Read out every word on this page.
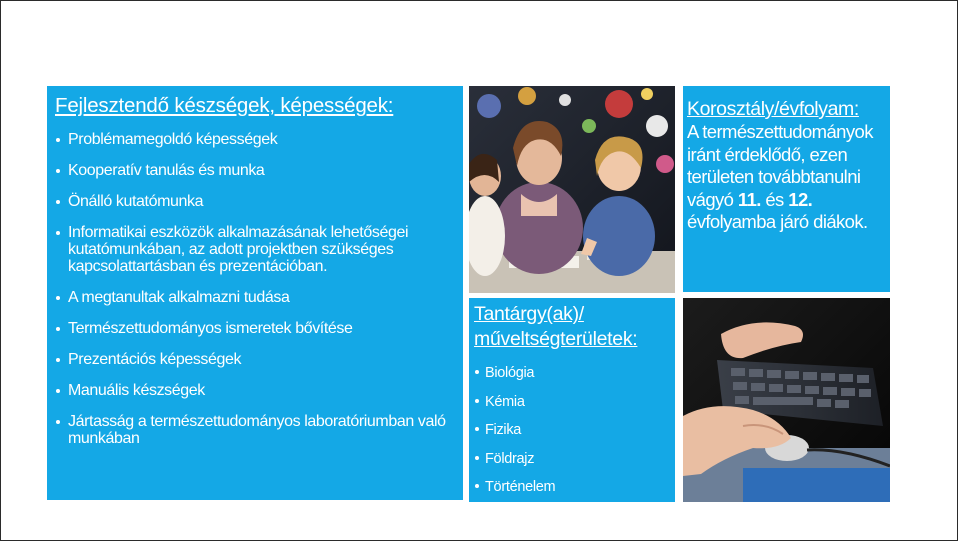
Fejlesztendő készségek, képességek:
Problémamegoldó képességek
Kooperatív tanulás és munka
Önálló kutatómunka
Informatikai eszközök alkalmazásának lehetőségei kutatómunkában, az adott projektben szükséges kapcsolattartásban és prezentációban.
A megtanultak alkalmazni tudása
Természettudományos ismeretek bővítése
Prezentációs képességek
Manuális készségek
Jártasság a természettudományos laboratóriumban való munkában
Tantárgy(ak)/ műveltségterületek:
Biológia
Kémia
Fizika
Földrajz
Történelem
Korosztály/évfolyam:
A természettudományok iránt érdeklődő, ezen területen továbbtanulni vágyó 11. és 12. évfolyamba járó diákok.
